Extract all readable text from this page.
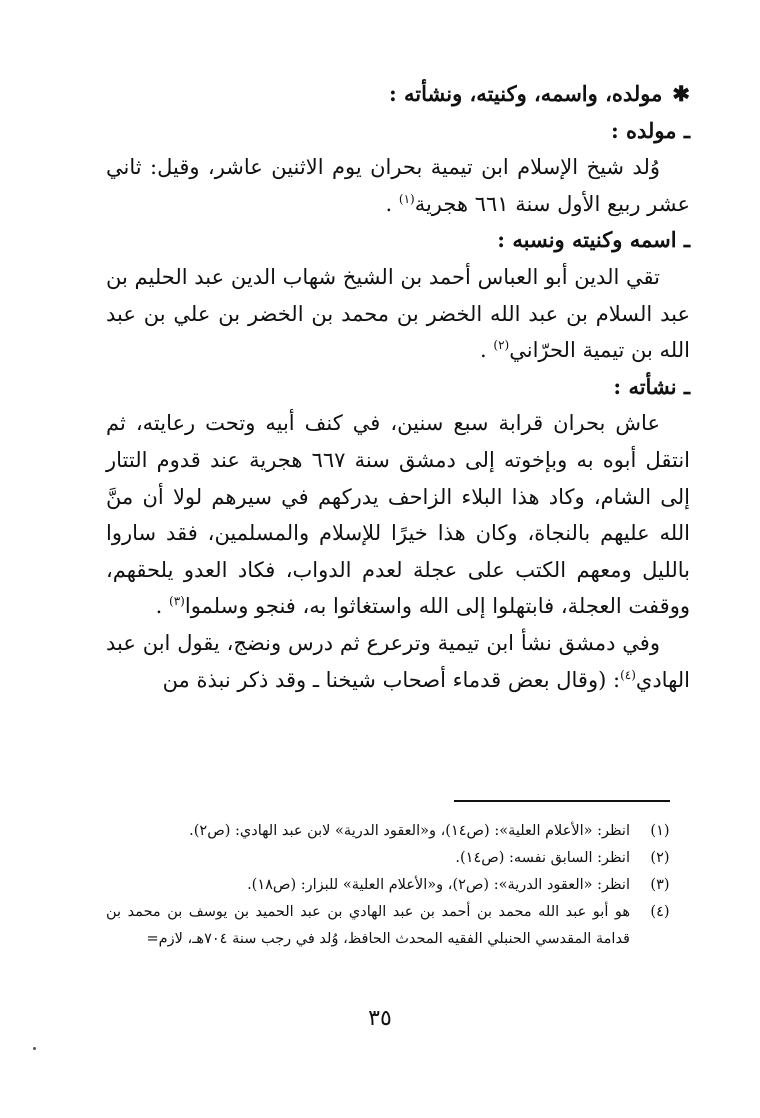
✱مولده، واسمه، وكنيته، ونشأته :

ـ مولده :

وُلد شيخ الإسلام ابن تيمية بحران يوم الاثنين عاشر، وقيل: ثاني عشر ربيع الأول سنة ٦٦١ هجرية$^{(١)}$ .

ـ اسمه وكنيته ونسبه :

تقي الدين أبو العباس أحمد بن الشيخ شهاب الدين عبد الحليم بن عبد السلام بن عبد الله الخضر بن محمد بن الخضر بن علي بن عبد الله بن تيمية الحرّاني$^{(٢)}$ .

ـ نشأته :

عاش بحران قرابة سبع سنين، في كنف أبيه وتحت رعايته، ثم انتقل أبوه به وبإخوته إلى دمشق سنة ٦٦٧ هجرية عند قدوم التتار إلى الشام، وكاد هذا البلاء الزاحف يدركهم في سيرهم لولا أن منَّ الله عليهم بالنجاة، وكان هذا خيرًا للإسلام والمسلمين، فقد ساروا بالليل ومعهم الكتب على عجلة لعدم الدواب، فكاد العدو يلحقهم، ووقفت العجلة، فابتهلوا إلى الله واستغاثوا به، فنجو وسلموا$^{(٣)}$ .

وفي دمشق نشأ ابن تيمية وترعرع ثم درس ونضج، يقول ابن عبد الهادي$^{(٤)}$: (وقال بعض قدماء أصحاب شيخنا ـ وقد ذكر نبذة من

(١)
انظر: «الأعلام العلية»: (ص١٤)، و«العقود الدرية» لابن عبد الهادي: (ص٢).
(٢)
انظر: السابق نفسه: (ص١٤).
(٣)
انظر: «العقود الدرية»: (ص٢)، و«الأعلام العلية» للبزار: (ص١٨).
(٤)
هو أبو عبد الله محمد بن أحمد بن عبد الهادي بن عبد الحميد بن يوسف بن محمد بن قدامة المقدسي الحنبلي الفقيه المحدث الحافظ، وُلد في رجب سنة ٧٠٤هـ، لازم=
٣٥
